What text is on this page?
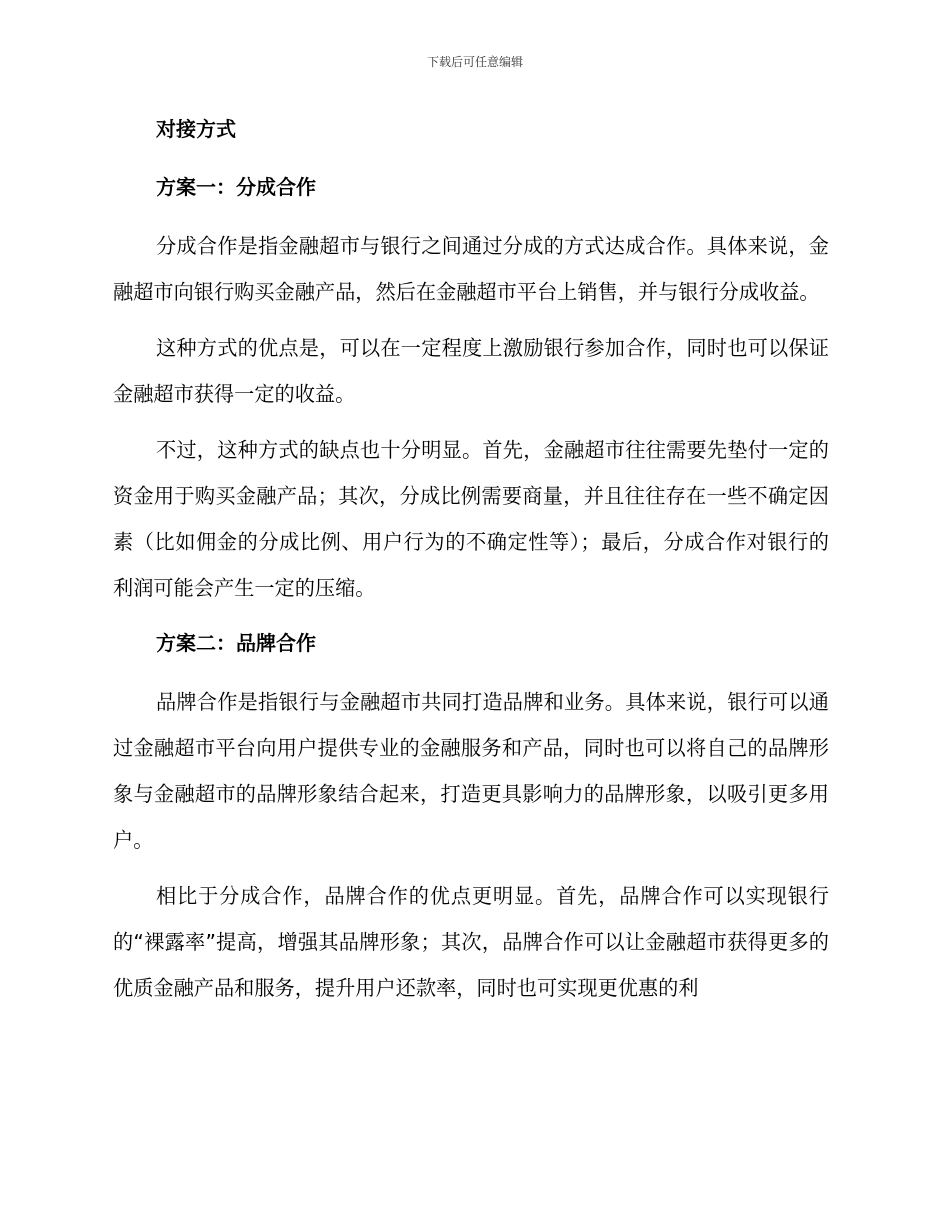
下载后可任意编辑
对接方式
方案一：分成合作

分成合作是指金融超市与银行之间通过分成的方式达成合作。具体来说，金融超市向银行购买金融产品，然后在金融超市平台上销售，并与银行分成收益。

这种方式的优点是，可以在一定程度上激励银行参加合作，同时也可以保证金融超市获得一定的收益。

不过，这种方式的缺点也十分明显。首先，金融超市往往需要先垫付一定的资金用于购买金融产品；其次，分成比例需要商量，并且往往存在一些不确定因素（比如佣金的分成比例、用户行为的不确定性等）；最后，分成合作对银行的利润可能会产生一定的压缩。

方案二：品牌合作

品牌合作是指银行与金融超市共同打造品牌和业务。具体来说，银行可以通过金融超市平台向用户提供专业的金融服务和产品，同时也可以将自己的品牌形象与金融超市的品牌形象结合起来，打造更具影响力的品牌形象，以吸引更多用户。

相比于分成合作，品牌合作的优点更明显。首先，品牌合作可以实现银行的“裸露率”提高，增强其品牌形象；其次，品牌合作可以让金融超市获得更多的优质金融产品和服务，提升用户还款率，同时也可实现更优惠的利
